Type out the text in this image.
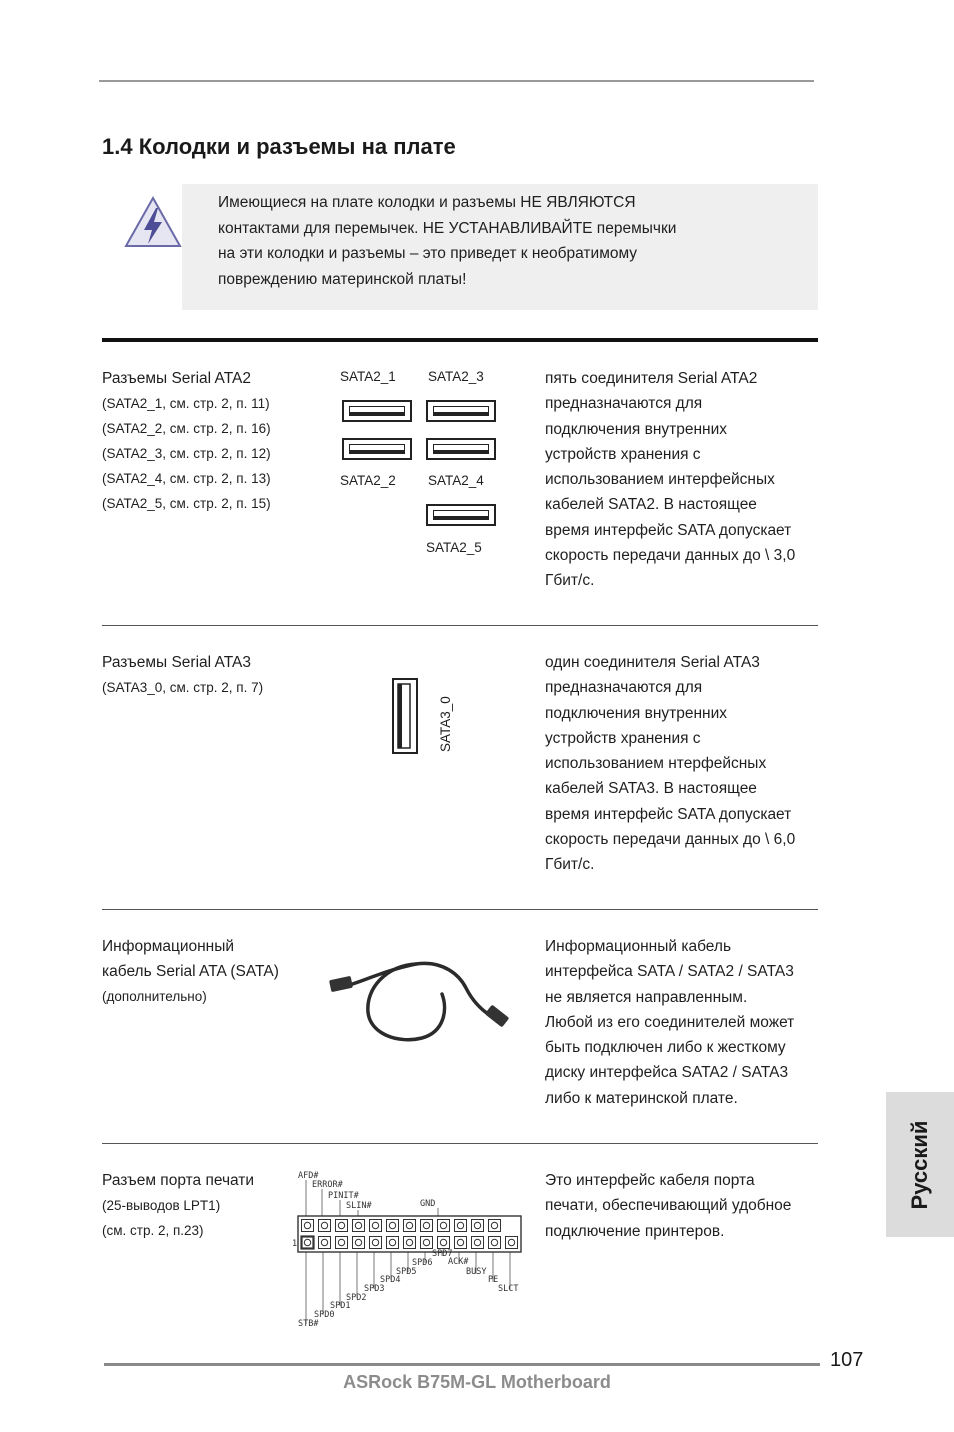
1.4 Колодки и разъемы на плате
Имеющиеся на плате колодки и разъемы НЕ ЯВЛЯЮТСЯ
контактами для перемычек. НЕ УСТАНАВЛИВАЙТЕ перемычки
на эти колодки и разъемы – это приведет к необратимому
повреждению материнской платы!
Разъемы Serial ATA2
(SATA2_1, см. стр. 2, п. 11)
(SATA2_2, см. стр. 2, п. 16)
(SATA2_3, см. стр. 2, п. 12)
(SATA2_4, см. стр. 2, п. 13)
(SATA2_5, см. стр. 2, п. 15)
SATA2_1 SATA2_3
SATA2_2 SATA2_4
SATA2_5
пять соединителя Serial ATA2
предназначаются для
подключения внутренних
устройств хранения с
использованием интерфейсных
кабелей SATA2. В настоящее
время интерфейс SATA допускает
скорость передачи данных до \ 3,0
Гбит/с.
Разъемы Serial ATA3
(SATA3_0, см. стр. 2, п. 7)
SATA3_0
один соединителя Serial ATA3
предназначаются для
подключения внутренних
устройств хранения с
использованием нтерфейсных
кабелей SATA3. В настоящее
время интерфейс SATA допускает
скорость передачи данных до \ 6,0
Гбит/с.
Информационный
кабель Serial ATA (SATA)
(дополнительно)
Информационный кабель
интерфейса SATA / SATA2 / SATA3
не является направленным.
Любой из его соединителей может
быть подключен либо к жесткому
диску интерфейса SATA2 / SATA3
либо к материнской плате.
Разъем порта печати
(25-выводов LPT1)
(см. стр. 2, п.23)
1
AFD#
ERROR#
PINIT#
SLIN#	GND
SPD7
ACK#
SPD6
BUSY
SPD5
PE
SPD4
SLCT
SPD3
SPD2
SPD1
SPD0
STB#
Это интерфейс кабеля порта
печати, обеспечивающий удобное
подключение принтеров.
Русский
107
ASRock B75M-GL Motherboard
